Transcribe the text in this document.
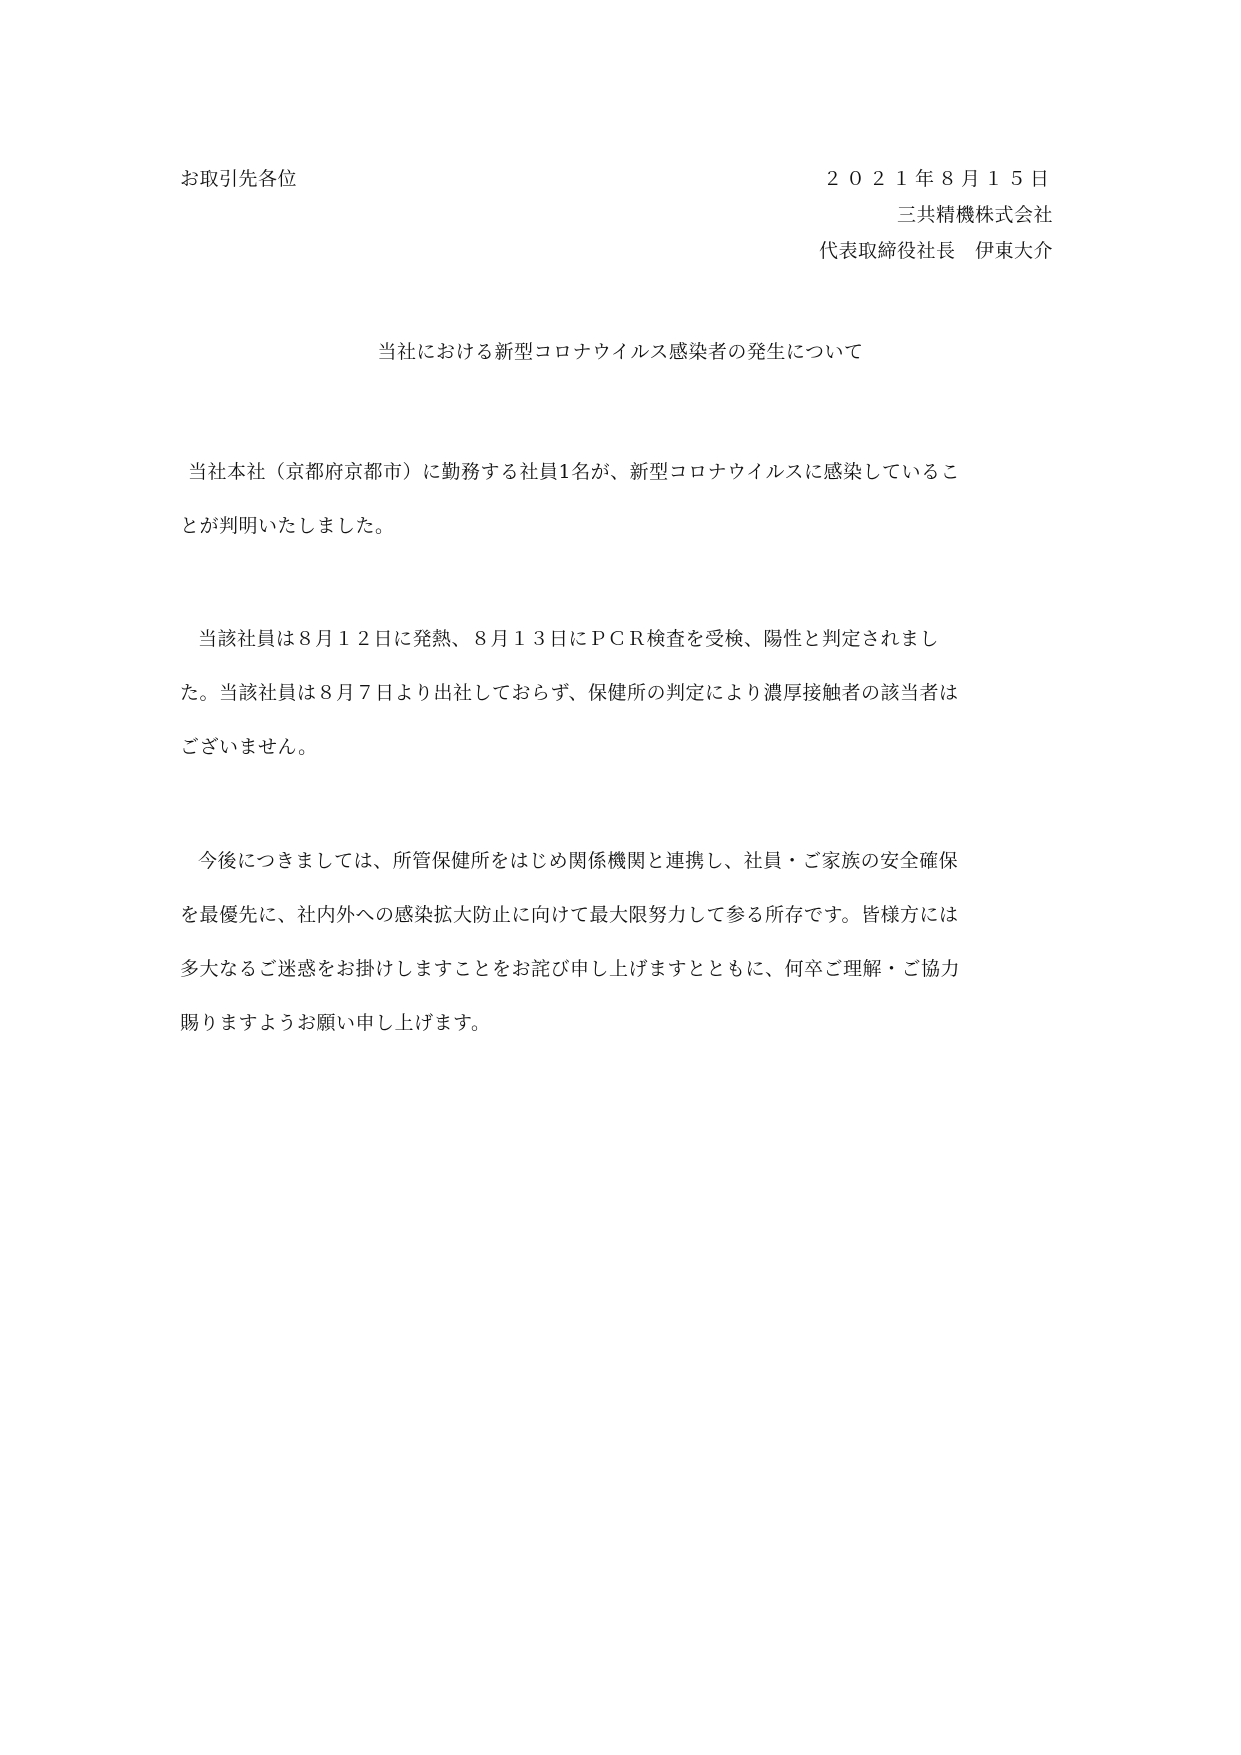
お取引先各位	２０２１年８月１５日
三共精機株式会社
代表取締役社長　伊東大介
当社における新型コロナウイルス感染者の発生について
当社本社（京都府京都市）に勤務する社員1名が、新型コロナウイルスに感染しているこ
とが判明いたしました。
当該社員は８月１２日に発熱、８月１３日にＰＣＲ検査を受検、陽性と判定されまし
た。当該社員は８月７日より出社しておらず、保健所の判定により濃厚接触者の該当者は
ございません。
今後につきましては、所管保健所をはじめ関係機関と連携し、社員・ご家族の安全確保
を最優先に、社内外への感染拡大防止に向けて最大限努力して参る所存です。皆様方には
多大なるご迷惑をお掛けしますことをお詫び申し上げますとともに、何卒ご理解・ご協力
賜りますようお願い申し上げます。
